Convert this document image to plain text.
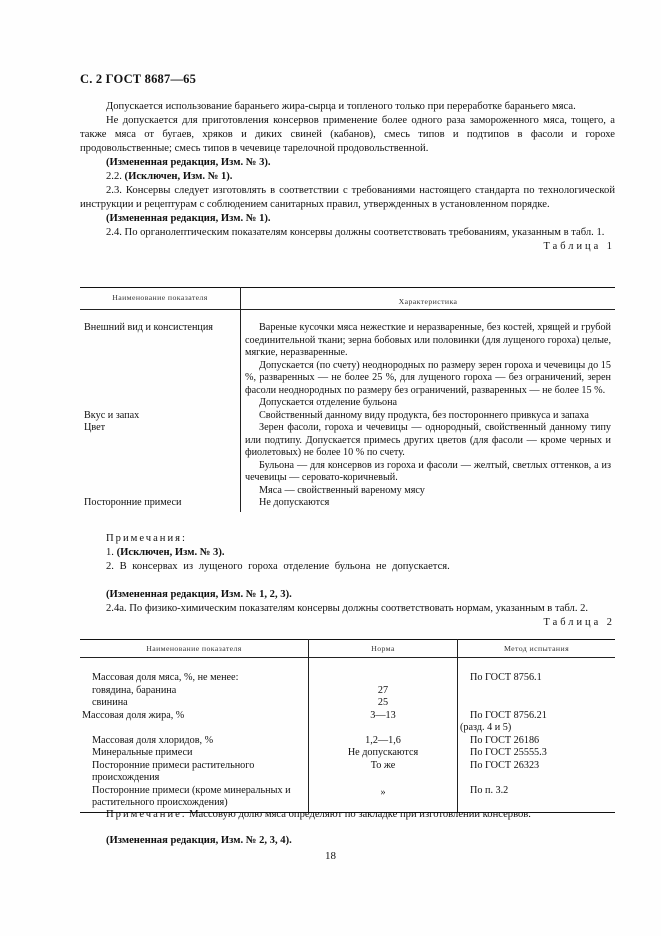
С. 2 ГОСТ 8687—65

Допускается использование бараньего жира-сырца и топленого только при переработке бараньего мяса.

Не допускается для приготовления консервов применение более одного раза замороженного мяса, тощего, а также мяса от бугаев, хряков и диких свиней (кабанов), смесь типов и подтипов в фасоли и горохе продовольственные; смесь типов в чечевице тарелочной продовольственной.

(Измененная редакция, Изм. № 3).

2.2. (Исключен, Изм. № 1).

2.3. Консервы следует изготовлять в соответствии с требованиями настоящего стандарта по технологической инструкции и рецептурам с соблюдением санитарных правил, утвержденных в установленном порядке.

(Измененная редакция, Изм. № 1).

2.4. По органолептическим показателям консервы должны соответствовать требованиям, указанным в табл. 1.

Таблица 1
Наименование показателя	Характеристика
Внешний вид и консистенция	Вареные кусочки мяса нежесткие и неразваренные, без костей, хрящей и грубой соединительной ткани; зерна бобовых или половинки (для лущеного гороха) целые, мягкие, неразваренные.

Допускается (по счету) неоднородных по размеру зерен гороха и чечевицы до 15 %, разваренных — не более 25 %, для лущеного гороха — без ограничений, зерен фасоли неоднородных по размеру без ограничений, разваренных — не более 15 %.

Допускается отделение бульона

Вкус и запах	Свойственный данному виду продукта, без постороннего привкуса и запаха

Цвет	Зерен фасоли, гороха и чечевицы — однородный, свойственный данному типу или подтипу. Допускается примесь других цветов (для фасоли — кроме черных и фиолетовых) не более 10 % по счету.

Бульона — для консервов из гороха и фасоли — желтый, светлых оттенков, а из чечевицы — серовато-коричневый.

Мяса — свойственный вареному мясу

Посторонние примеси	Не допускаются

Примечания:

1. (Исключен, Изм. № 3).

2. В консервах из лущеного гороха отделение бульона не допускается.

(Измененная редакция, Изм. № 1, 2, 3).

2.4а. По физико-химическим показателям консервы должны соответствовать нормам, указанным в табл. 2.

Таблица 2
Наименование показателя	Норма	Метод испытания
Массовая доля мяса, %, не менее:		По ГОСТ 8756.1
говядина, баранина	27	
свинина	25	
Массовая доля жира, %	3—13	По ГОСТ 8756.21
		(разд. 4 и 5)
Массовая доля хлоридов, %	1,2—1,6	По ГОСТ 26186
Минеральные примеси	Не допускаются	По ГОСТ 25555.3
Посторонние примеси растительного происхождения	То же	По ГОСТ 26323
Посторонние примеси (кроме минеральных и растительного происхождения)	»	По п. 3.2

Примечание. Массовую долю мяса определяют по закладке при изготовлении консервов.

(Измененная редакция, Изм. № 2, 3, 4).

18
